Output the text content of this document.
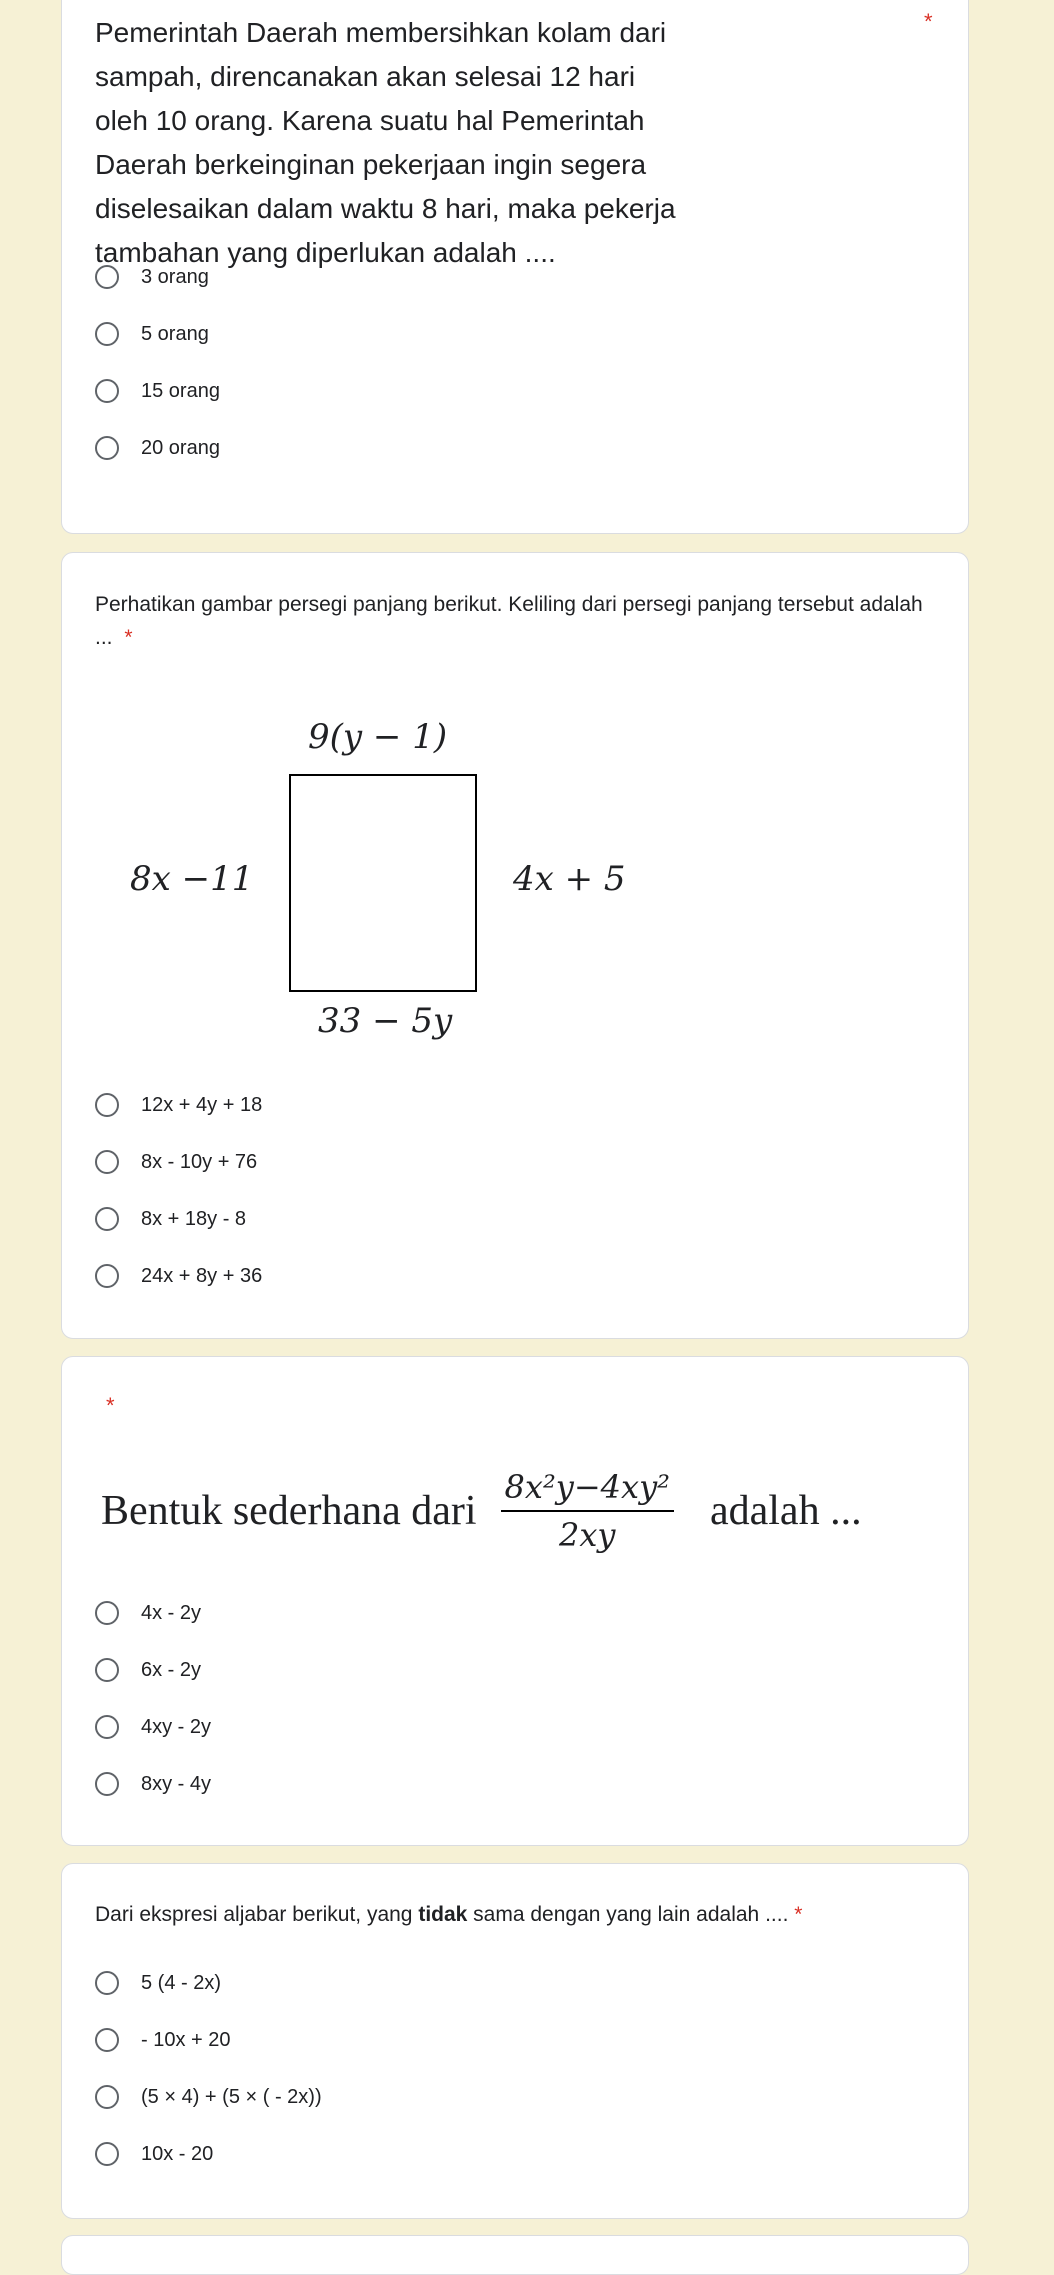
Pemerintah Daerah membersihkan kolam dari sampah, direncanakan akan selesai 12 hari oleh 10 orang. Karena suatu hal Pemerintah Daerah berkeinginan pekerjaan ingin segera diselesaikan dalam waktu 8 hari, maka pekerja tambahan yang diperlukan adalah ....
*
3 orang
5 orang
15 orang
20 orang
Perhatikan gambar persegi panjang berikut. Keliling dari persegi panjang tersebut adalah ... *
9(y − 1)
8x −11	4x + 5
33 − 5y
12x + 4y + 18
8x - 10y + 76
8x + 18y - 8
24x + 8y + 36
*
Bentuk sederhana dari $\frac{\text{8x²y−4xy²}}{2xy}$ adalah ...
4x - 2y
6x - 2y
4xy - 2y
8xy - 4y
Dari ekspresi aljabar berikut, yang tidak sama dengan yang lain adalah .... *
5 (4 - 2x)
- 10x + 20
(5 × 4) + (5 × ( - 2x))
10x - 20
